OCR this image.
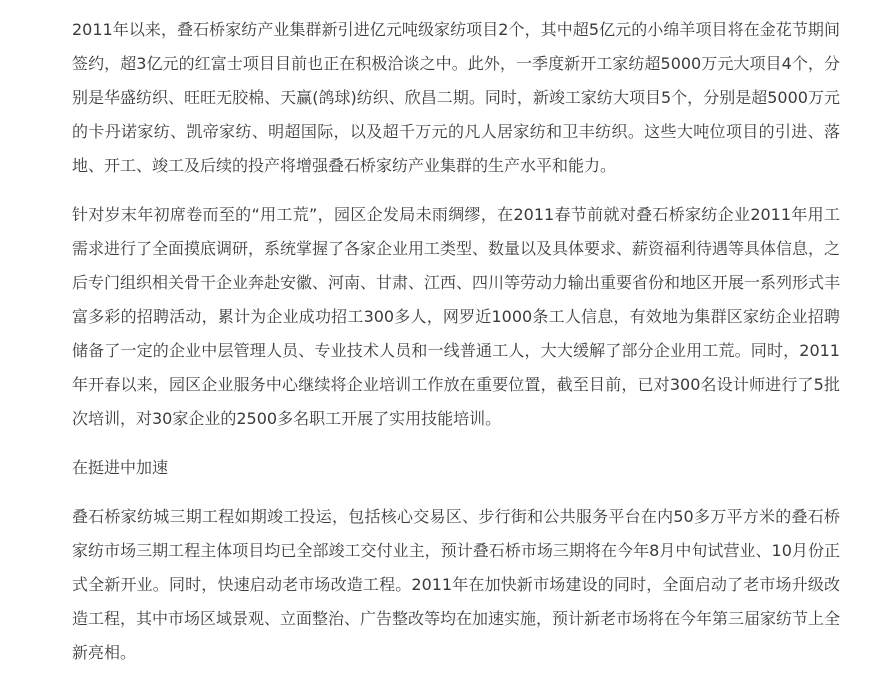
2011年以来，叠石桥家纺产业集群新引进亿元吨级家纺项目2个，其中超5亿元的小绵羊项目将在金花节期间签约，超3亿元的红富士项目目前也正在积极洽谈之中。此外，一季度新开工家纺超5000万元大项目4个，分别是华盛纺织、旺旺无胶棉、天赢(鸽球)纺织、欣昌二期。同时，新竣工家纺大项目5个，分别是超5000万元的卡丹诺家纺、凯帝家纺、明超国际，以及超千万元的凡人居家纺和卫丰纺织。这些大吨位项目的引进、落地、开工、竣工及后续的投产将增强叠石桥家纺产业集群的生产水平和能力。

针对岁末年初席卷而至的“用工荒”，园区企发局未雨绸缪，在2011春节前就对叠石桥家纺企业2011年用工需求进行了全面摸底调研，系统掌握了各家企业用工类型、数量以及具体要求、薪资福利待遇等具体信息，之后专门组织相关骨干企业奔赴安徽、河南、甘肃、江西、四川等劳动力输出重要省份和地区开展一系列形式丰富多彩的招聘活动，累计为企业成功招工300多人，网罗近1000条工人信息，有效地为集群区家纺企业招聘储备了一定的企业中层管理人员、专业技术人员和一线普通工人，大大缓解了部分企业用工荒。同时，2011年开春以来，园区企业服务中心继续将企业培训工作放在重要位置，截至目前，已对300名设计师进行了5批次培训，对30家企业的2500多名职工开展了实用技能培训。

在挺进中加速

叠石桥家纺城三期工程如期竣工投运，包括核心交易区、步行街和公共服务平台在内50多万平方米的叠石桥家纺市场三期工程主体项目均已全部竣工交付业主，预计叠石桥市场三期将在今年8月中旬试营业、10月份正式全新开业。同时，快速启动老市场改造工程。2011年在加快新市场建设的同时，全面启动了老市场升级改造工程，其中市场区域景观、立面整治、广告整改等均在加速实施，预计新老市场将在今年第三届家纺节上全新亮相。
